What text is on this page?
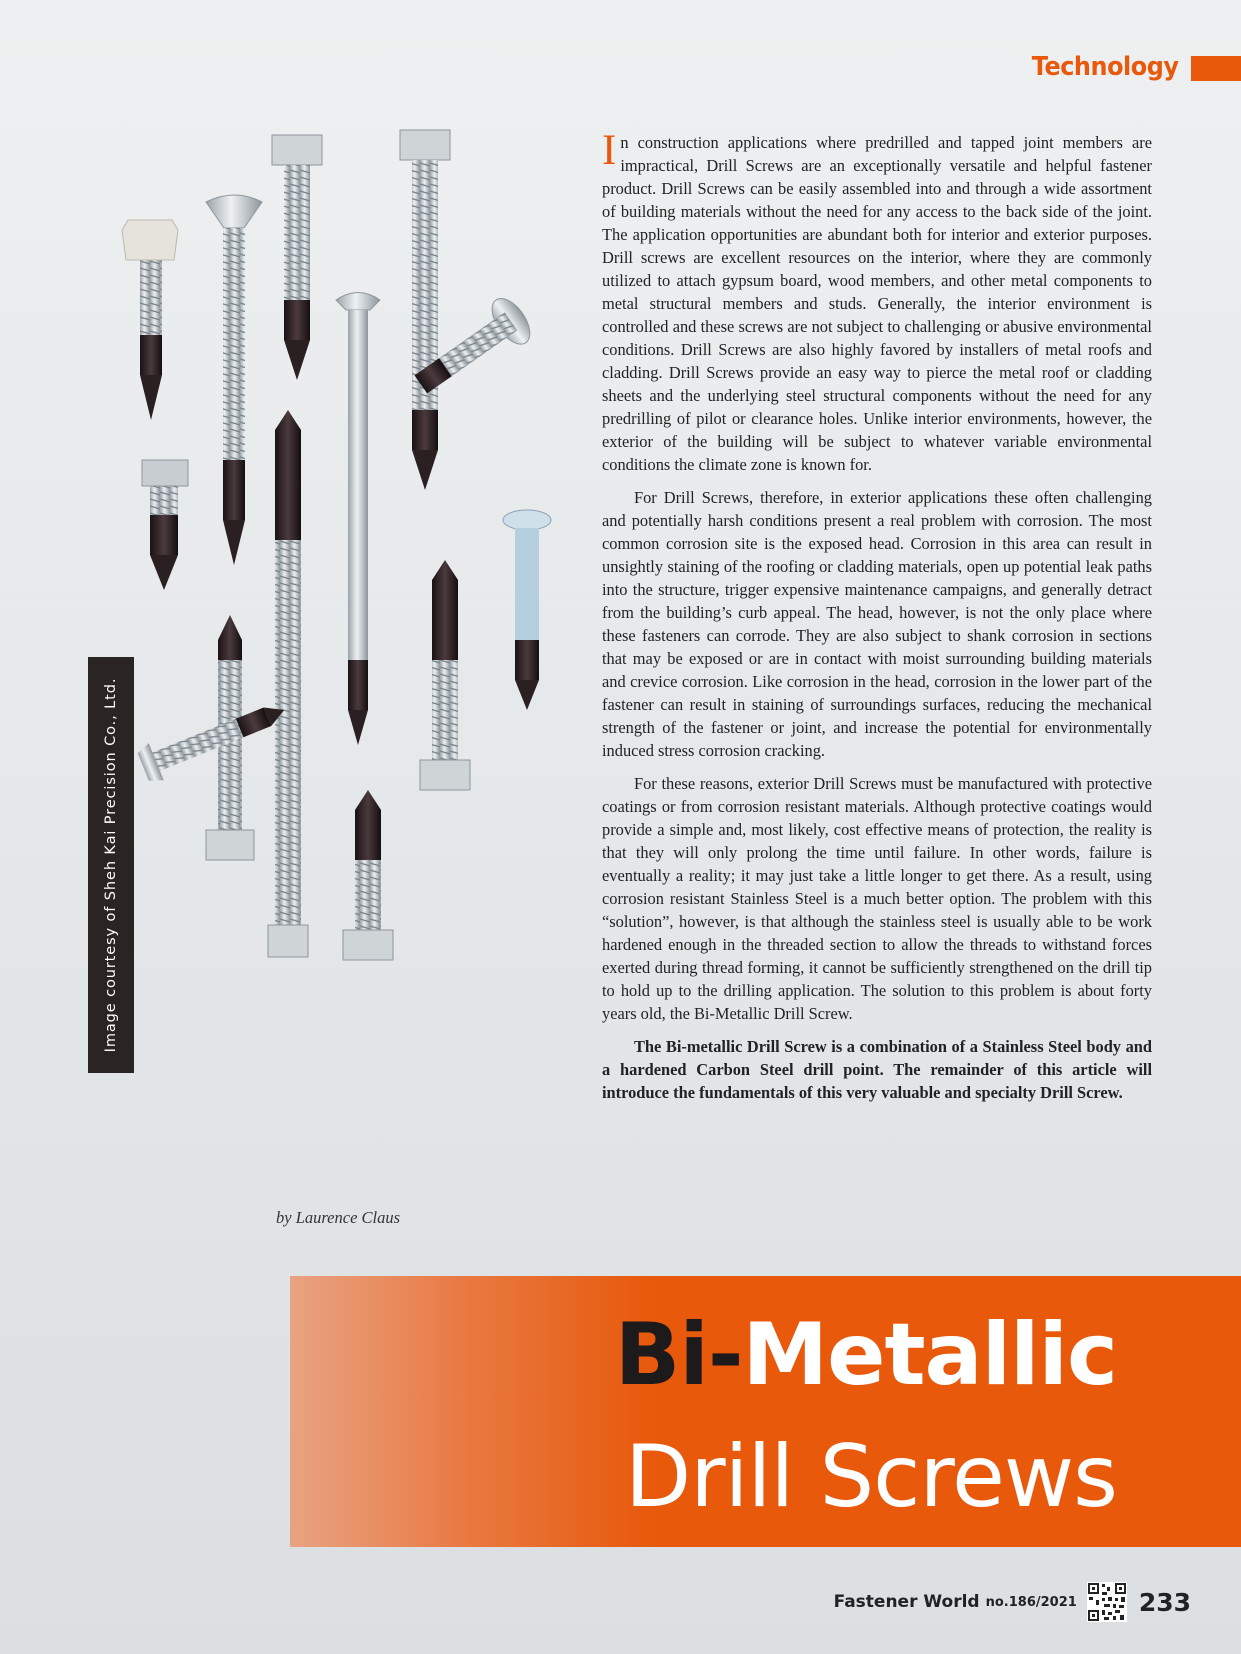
Technology
Image courtesy of Sheh Kai Precision Co., Ltd.

In construction applications where predrilled and tapped joint members are impractical, Drill Screws are an exceptionally versatile and helpful fastener product. Drill Screws can be easily assembled into and through a wide assortment of building materials without the need for any access to the back side of the joint. The application opportunities are abundant both for interior and exterior purposes. Drill screws are excellent resources on the interior, where they are commonly utilized to attach gypsum board, wood members, and other metal components to metal structural members and studs. Generally, the interior environment is controlled and these screws are not subject to challenging or abusive environmental conditions. Drill Screws are also highly favored by installers of metal roofs and cladding. Drill Screws provide an easy way to pierce the metal roof or cladding sheets and the underlying steel structural components without the need for any predrilling of pilot or clearance holes. Unlike interior environments, however, the exterior of the building will be subject to whatever variable environmental conditions the climate zone is known for.

For Drill Screws, therefore, in exterior applications these often challenging and potentially harsh conditions present a real problem with corrosion. The most common corrosion site is the exposed head. Corrosion in this area can result in unsightly staining of the roofing or cladding materials, open up potential leak paths into the structure, trigger expensive maintenance campaigns, and generally detract from the building’s curb appeal. The head, however, is not the only place where these fasteners can corrode. They are also subject to shank corrosion in sections that may be exposed or are in contact with moist surrounding building materials and crevice corrosion. Like corrosion in the head, corrosion in the lower part of the fastener can result in staining of surroundings surfaces, reducing the mechanical strength of the fastener or joint, and increase the potential for environmentally induced stress corrosion cracking.

For these reasons, exterior Drill Screws must be manufactured with protective coatings or from corrosion resistant materials. Although protective coatings would provide a simple and, most likely, cost effective means of protection, the reality is that they will only prolong the time until failure. In other words, failure is eventually a reality; it may just take a little longer to get there. As a result, using corrosion resistant Stainless Steel is a much better option. The problem with this “solution”, however, is that although the stainless steel is usually able to be work hardened enough in the threaded section to allow the threads to withstand forces exerted during thread forming, it cannot be sufficiently strengthened on the drill tip to hold up to the drilling application. The solution to this problem is about forty years old, the Bi-Metallic Drill Screw.

The Bi-metallic Drill Screw is a combination of a Stainless Steel body and a hardened Carbon Steel drill point. The remainder of this article will introduce the fundamentals of this very valuable and specialty Drill Screw.

by Laurence Claus
Bi-Metallic
Drill Screws
Fastener World no.186/2021 233
